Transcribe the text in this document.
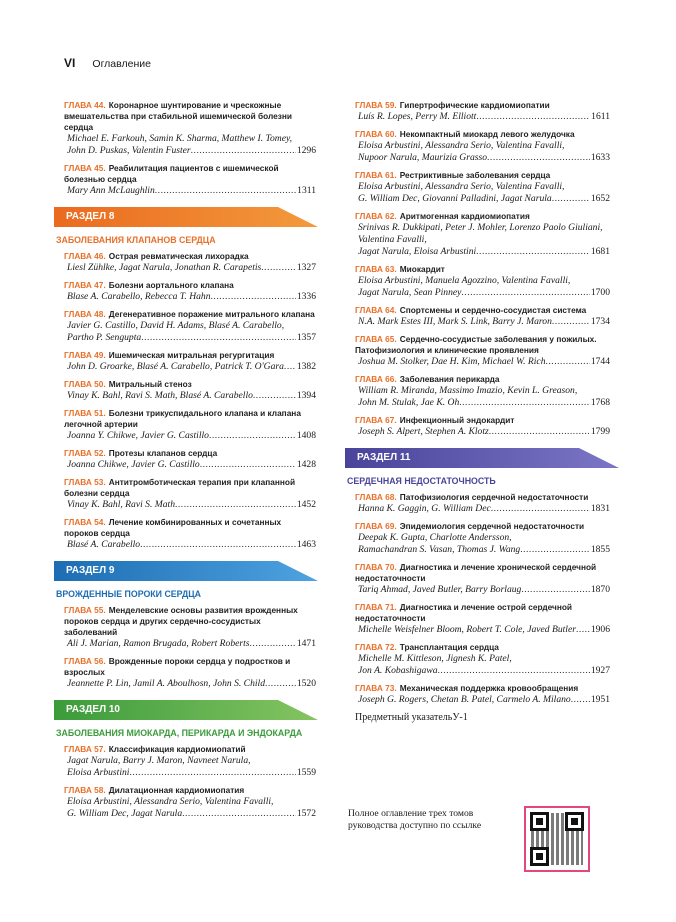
VI Оглавление
ГЛАВА 44. Коронарное шунтирование и чрескожные вмешательства при стабильной ишемической болезни сердца
Michael E. Farkouh, Samin K. Sharma, Matthew I. Tomey,
John D. Puskas, Valentin Fuster .....	1296
ГЛАВА 45. Реабилитация пациентов с ишемической болезнью сердца
Mary Ann McLaughlin .....	1311
РАЗДЕЛ 8
ЗАБОЛЕВАНИЯ КЛАПАНОВ СЕРДЦА
ГЛАВА 46. Острая ревматическая лихорадка
Liesl Zühlke, Jagat Narula, Jonathan R. Carapetis .....	1327
ГЛАВА 47. Болезни аортального клапана
Blase A. Carabello, Rebecca T. Hahn .....	1336
ГЛАВА 48. Дегенеративное поражение митрального клапана
Javier G. Castillo, David H. Adams, Blasé A. Carabello,
Partho P. Sengupta .....	1357
ГЛАВА 49. Ишемическая митральная регургитация
John D. Groarke, Blasé A. Carabello, Patrick T. O'Gara ..... 1382
ГЛАВА 50. Митральный стеноз
Vinay K. Bahl, Ravi S. Math, Blasé A. Carabello .....	1394
ГЛАВА 51. Болезни трикуспидального клапана и клапана легочной артерии
Joanna Y. Chikwe, Javier G. Castillo .....	1408
ГЛАВА 52. Протезы клапанов сердца
Joanna Chikwe, Javier G. Castillo .....	1428
ГЛАВА 53. Антитромботическая терапия при клапанной болезни сердца
Vinay K. Bahl, Ravi S. Math .....	1452
ГЛАВА 54. Лечение комбинированных и сочетанных пороков сердца
Blasé A. Carabello .....	1463
РАЗДЕЛ 9
ВРОЖДЕННЫЕ ПОРОКИ СЕРДЦА
ГЛАВА 55. Менделевские основы развития врожденных пороков сердца и других сердечно-сосудистых заболеваний
Ali J. Marian, Ramon Brugada, Robert Roberts .....	1471
ГЛАВА 56. Врожденные пороки сердца у подростков и взрослых
Jeannette P. Lin, Jamil A. Aboulhosn, John S. Child .....	1520
РАЗДЕЛ 10
ЗАБОЛЕВАНИЯ МИОКАРДА, ПЕРИКАРДА И ЭНДОКАРДА
ГЛАВА 57. Классификация кардиомиопатий
Jagat Narula, Barry J. Maron, Navneet Narula,
Eloisa Arbustini .....	1559
ГЛАВА 58. Дилатационная кардиомиопатия
Eloisa Arbustini, Alessandra Serio, Valentina Favalli,
G. William Dec, Jagat Narula .....	1572
ГЛАВА 59. Гипертрофические кардиомиопатии
Luís R. Lopes, Perry M. Elliott .....	1611
ГЛАВА 60. Некомпактный миокард левого желудочка
Eloisa Arbustini, Alessandra Serio, Valentina Favalli,
Nupoor Narula, Maurizia Grasso .....	1633
ГЛАВА 61. Рестриктивные заболевания сердца
Eloisa Arbustini, Alessandra Serio, Valentina Favalli,
G. William Dec, Giovanni Palladini, Jagat Narula .....	1652
ГЛАВА 62. Аритмогенная кардиомиопатия
Srinivas R. Dukkipati, Peter J. Mohler, Lorenzo Paolo Giuliani, Valentina Favalli,
Jagat Narula, Eloisa Arbustini .....	1681
ГЛАВА 63. Миокардит
Eloisa Arbustini, Manuela Agozzino, Valentina Favalli,
Jagat Narula, Sean Pinney .....	1700
ГЛАВА 64. Спортсмены и сердечно-сосудистая система
N.A. Mark Estes III, Mark S. Link, Barry J. Maron .....	1734
ГЛАВА 65. Сердечно-сосудистые заболевания у пожилых. Патофизиология и клинические проявления
Joshua M. Stolker, Dae H. Kim, Michael W. Rich .....	1744
ГЛАВА 66. Заболевания перикарда
William R. Miranda, Massimo Imazio, Kevin L. Greason,
John M. Stulak, Jae K. Oh .....	1768
ГЛАВА 67. Инфекционный эндокардит
Joseph S. Alpert, Stephen A. Klotz .....	1799
РАЗДЕЛ 11
СЕРДЕЧНАЯ НЕДОСТАТОЧНОСТЬ
ГЛАВА 68. Патофизиология сердечной недостаточности
Hanna K. Gaggin, G. William Dec .....	1831
ГЛАВА 69. Эпидемиология сердечной недостаточности
Deepak K. Gupta, Charlotte Andersson,
Ramachandran S. Vasan, Thomas J. Wang .....	1855
ГЛАВА 70. Диагностика и лечение хронической сердечной недостаточности
Tariq Ahmad, Javed Butler, Barry Borlaug .....	1870
ГЛАВА 71. Диагностика и лечение острой сердечной недостаточности
Michelle Weisfelner Bloom, Robert T. Cole, Javed Butler ..... 1906
ГЛАВА 72. Трансплантация сердца
Michelle M. Kittleson, Jignesh K. Patel,
Jon A. Kobashigawa .....	1927
ГЛАВА 73. Механическая поддержка кровообращения
Joseph G. Rogers, Chetan B. Patel, Carmelo A. Milano ..... 1951
Предметный указатель У-1
Полное оглавление трех томов руководства доступно по ссылке
